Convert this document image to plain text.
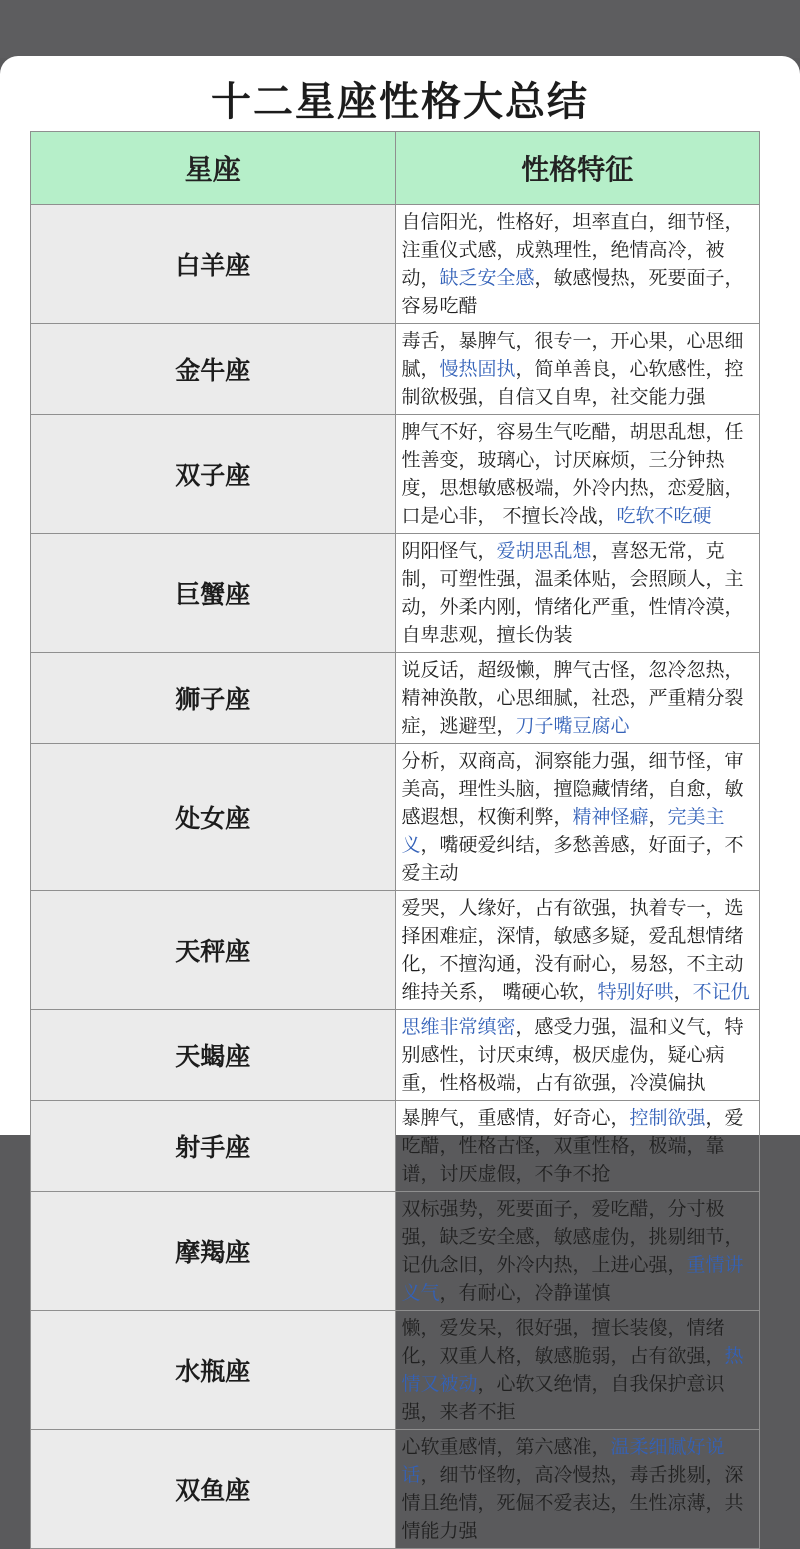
十二星座性格大总结
星座	性格特征
白羊座	自信阳光，性格好，坦率直白，细节怪，注重仪式感，成熟理性，绝情高冷，被动，缺乏安全感，敏感慢热，死要面子，容易吃醋
金牛座	毒舌，暴脾气，很专一，开心果，心思细腻，慢热固执，简单善良，心软感性，控制欲极强，自信又自卑，社交能力强
双子座	脾气不好，容易生气吃醋，胡思乱想，任性善变，玻璃心，讨厌麻烦，三分钟热度，思想敏感极端，外冷内热，恋爱脑，口是心非， 不擅长冷战，吃软不吃硬
巨蟹座	阴阳怪气，爱胡思乱想，喜怒无常，克制，可塑性强，温柔体贴，会照顾人，主动，外柔内刚，情绪化严重，性情冷漠，自卑悲观，擅长伪装
狮子座	说反话，超级懒，脾气古怪，忽冷忽热，精神涣散，心思细腻，社恐，严重精分裂症，逃避型，刀子嘴豆腐心
处女座	分析，双商高，洞察能力强，细节怪，审美高，理性头脑，擅隐藏情绪，自愈，敏感遐想，权衡利弊，精神怪癖，完美主义，嘴硬爱纠结，多愁善感，好面子，不爱主动
天秤座	爱哭，人缘好，占有欲强，执着专一，选择困难症，深情，敏感多疑，爱乱想情绪化，不擅沟通，没有耐心，易怒，不主动维持关系， 嘴硬心软，特别好哄，不记仇
天蝎座	思维非常缜密，感受力强，温和义气，特别感性，讨厌束缚，极厌虚伪，疑心病重，性格极端，占有欲强，冷漠偏执
射手座	暴脾气，重感情，好奇心，控制欲强，爱吃醋，性格古怪，双重性格，极端，靠谱，讨厌虚假，不争不抢
摩羯座	双标强势，死要面子，爱吃醋，分寸极强，缺乏安全感，敏感虚伪，挑剔细节，记仇念旧，外冷内热，上进心强，重情讲义气，有耐心，冷静谨慎
水瓶座	懒，爱发呆，很好强，擅长装傻，情绪化，双重人格，敏感脆弱，占有欲强，热情又被动，心软又绝情，自我保护意识强，来者不拒
双鱼座	心软重感情，第六感准，温柔细腻好说话，细节怪物，高冷慢热，毒舌挑剔，深情且绝情，死倔不爱表达，生性凉薄，共情能力强
